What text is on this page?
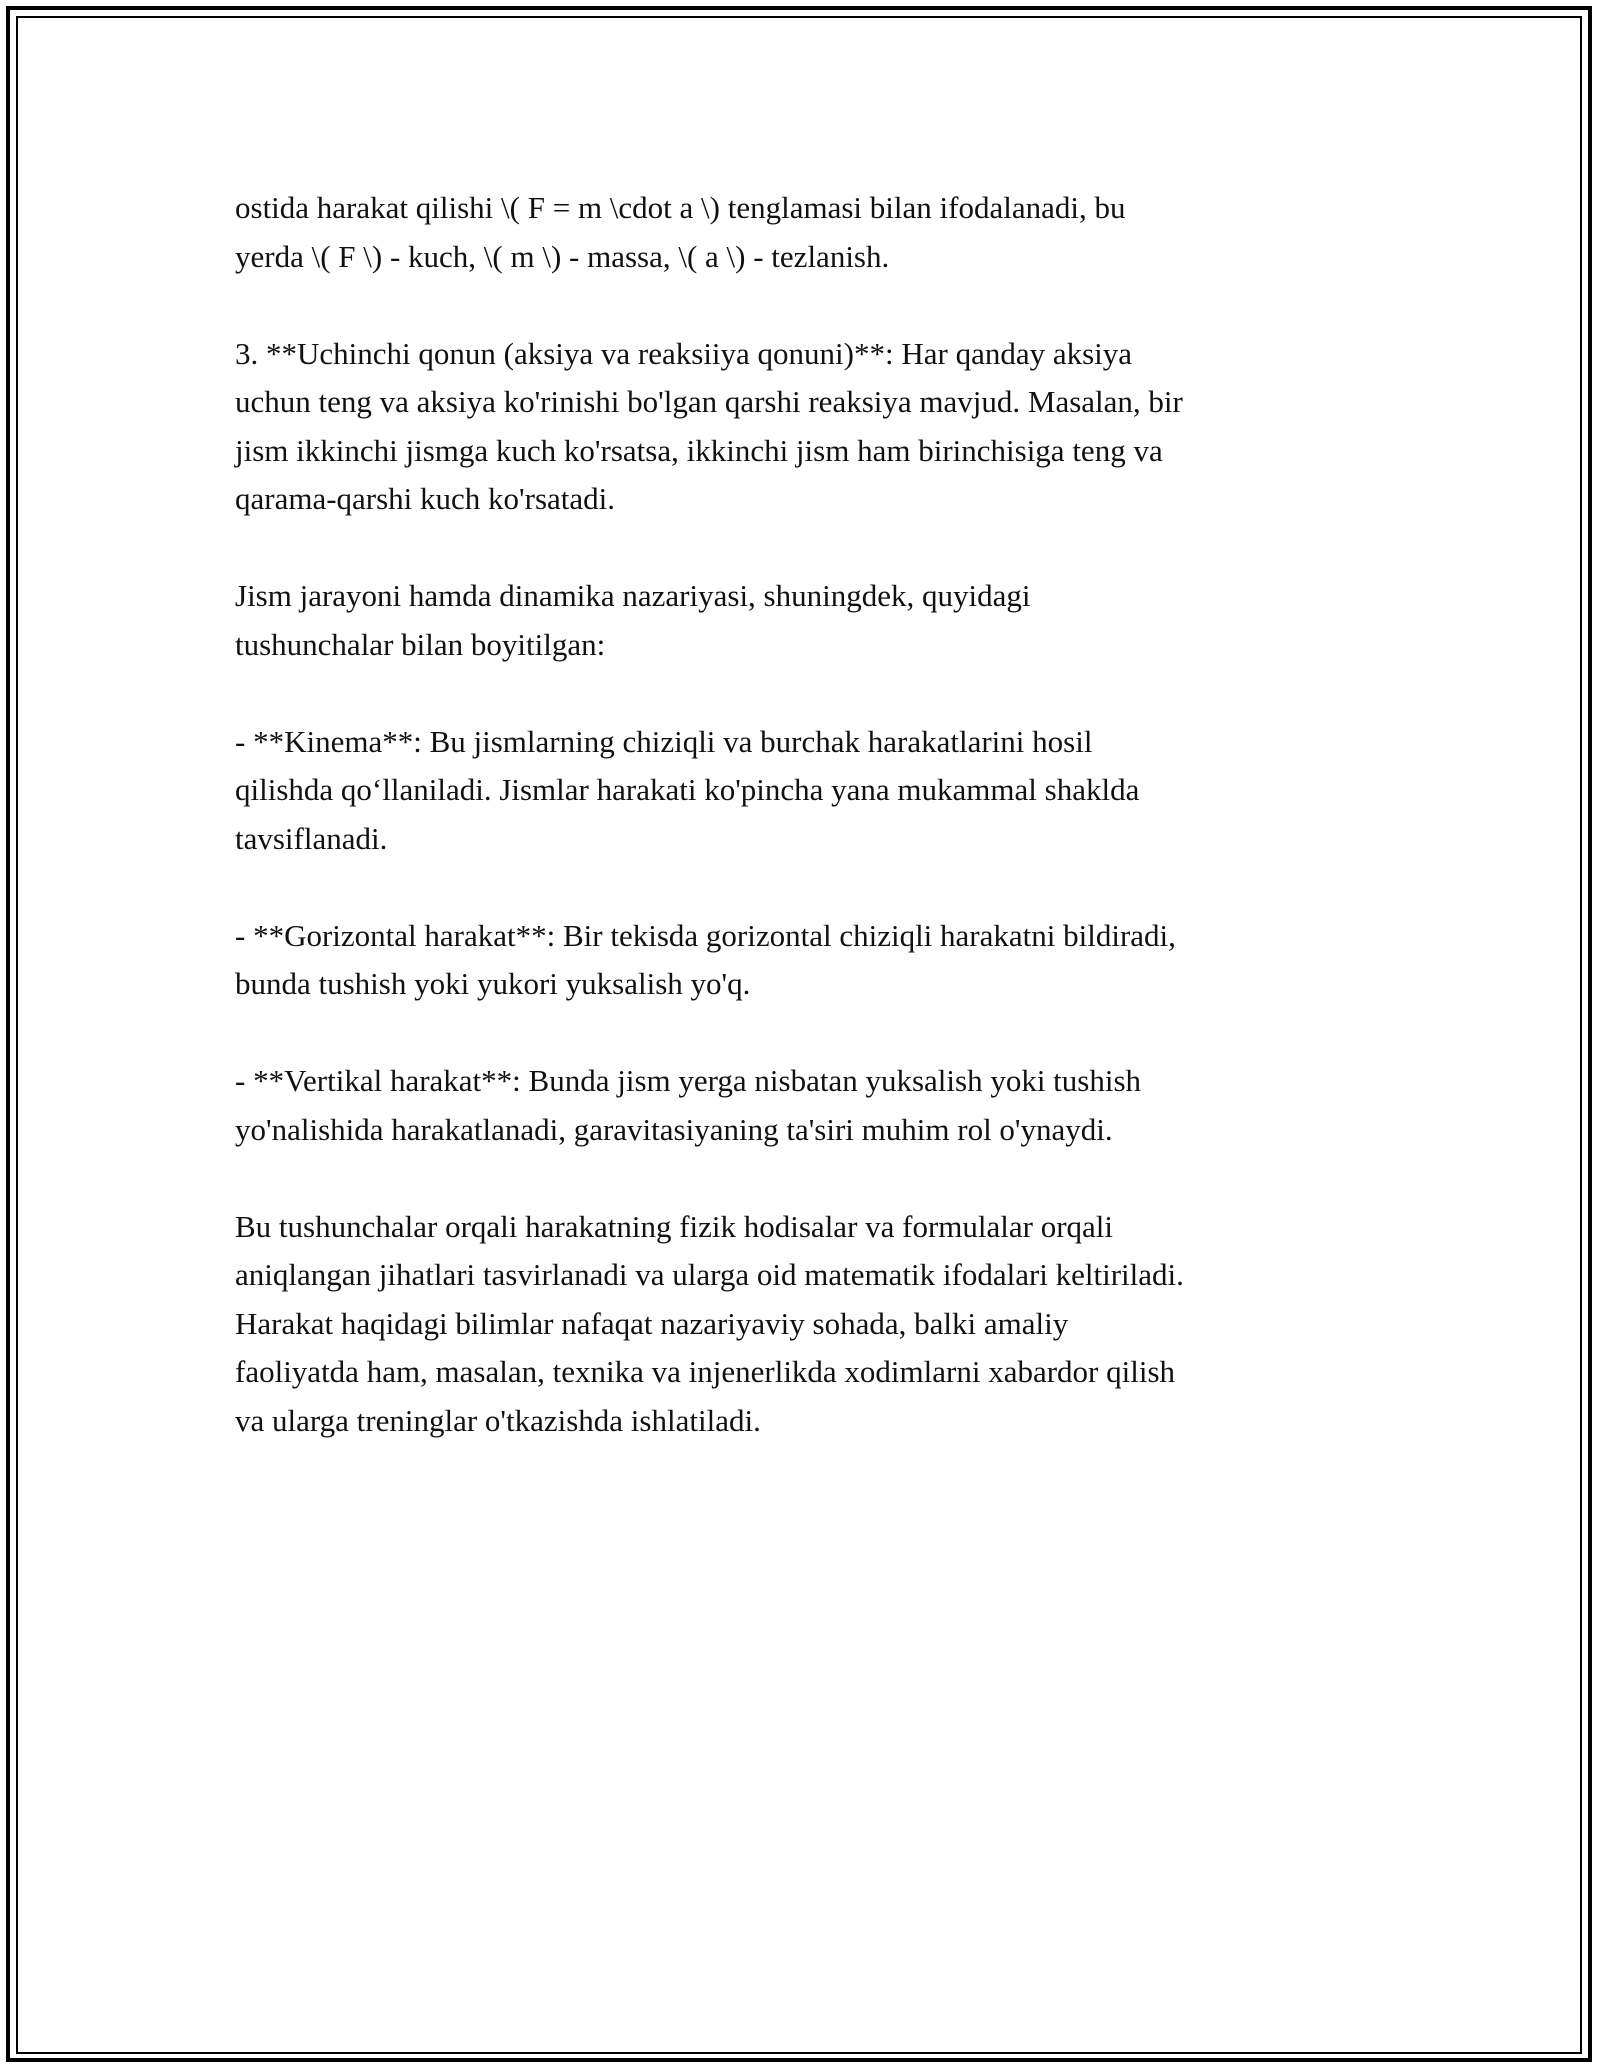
ostida harakat qilishi \( F = m \cdot a \) tenglamasi bilan ifodalanadi, bu
yerda \( F \) - kuch, \( m \) - massa, \( a \) - tezlanish.

3. **Uchinchi qonun (aksiya va reaksiiya qonuni)**: Har qanday aksiya
uchun teng va aksiya ko'rinishi bo'lgan qarshi reaksiya mavjud. Masalan, bir
jism ikkinchi jismga kuch ko'rsatsa, ikkinchi jism ham birinchisiga teng va
qarama-qarshi kuch ko'rsatadi.

Jism jarayoni hamda dinamika nazariyasi, shuningdek, quyidagi
tushunchalar bilan boyitilgan:

- **Kinema**: Bu jismlarning chiziqli va burchak harakatlarini hosil
qilishda qo‘llaniladi. Jismlar harakati ko'pincha yana mukammal shaklda
tavsiflanadi.

- **Gorizontal harakat**: Bir tekisda gorizontal chiziqli harakatni bildiradi,
bunda tushish yoki yukori yuksalish yo'q.

- **Vertikal harakat**: Bunda jism yerga nisbatan yuksalish yoki tushish
yo'nalishida harakatlanadi, garavitasiyaning ta'siri muhim rol o'ynaydi.

Bu tushunchalar orqali harakatning fizik hodisalar va formulalar orqali
aniqlangan jihatlari tasvirlanadi va ularga oid matematik ifodalari keltiriladi.
Harakat haqidagi bilimlar nafaqat nazariyaviy sohada, balki amaliy
faoliyatda ham, masalan, texnika va injenerlikda xodimlarni xabardor qilish
va ularga treninglar o'tkazishda ishlatiladi.
